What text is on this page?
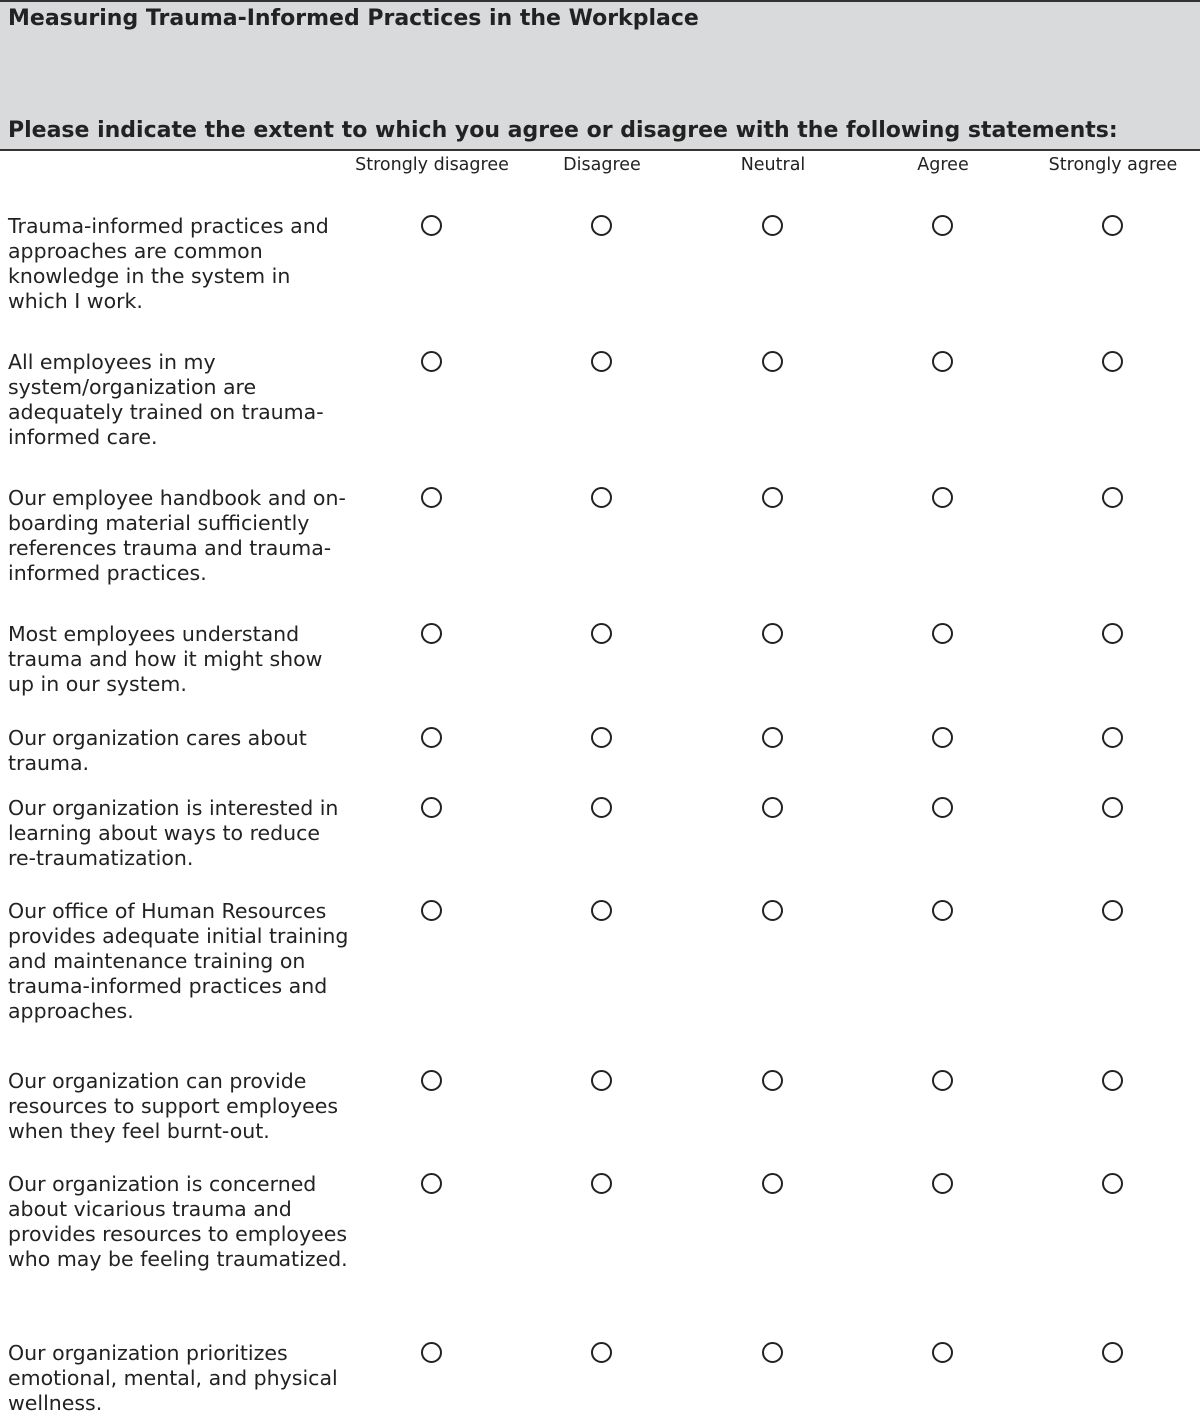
Measuring Trauma-Informed Practices in the Workplace
Please indicate the extent to which you agree or disagree with the following statements:
Strongly disagree	Disagree	Neutral	Agree	Strongly agree
Trauma-informed practices and approaches are common knowledge in the system in which I work.
All employees in my system/organization are adequately trained on trauma-informed care.
Our employee handbook and on-boarding material sufficiently references trauma and trauma-informed practices.
Most employees understand trauma and how it might show up in our system.
Our organization cares about trauma.
Our organization is interested in learning about ways to reduce re-traumatization.
Our office of Human Resources provides adequate initial training and maintenance training on trauma-informed practices and approaches.
Our organization can provide resources to support employees when they feel burnt-out.
Our organization is concerned about vicarious trauma and provides resources to employees who may be feeling traumatized.
Our organization prioritizes emotional, mental, and physical wellness.
